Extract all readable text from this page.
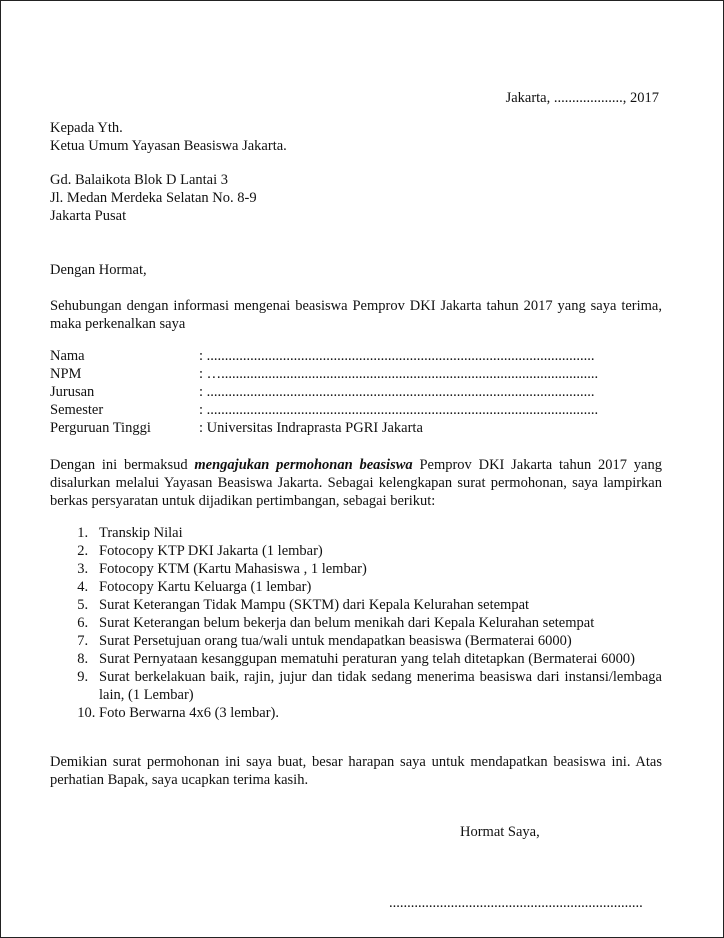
Jakarta, ..................., 2017
Kepada Yth.
Ketua Umum Yayasan Beasiswa Jakarta.
Gd. Balaikota Blok D Lantai 3
Jl. Medan Merdeka Selatan No. 8-9
Jakarta Pusat
Dengan Hormat,
Sehubungan dengan informasi mengenai beasiswa Pemprov DKI Jakarta tahun 2017 yang saya terima, maka perkenalkan saya
Nama	: ...........................................................................................................
NPM	: …........................................................................................................
Jurusan	: ...........................................................................................................
Semester	: ............................................................................................................
Perguruan Tinggi	: Universitas Indraprasta PGRI Jakarta
Dengan ini bermaksud mengajukan permohonan beasiswa Pemprov DKI Jakarta tahun 2017 yang disalurkan melalui Yayasan Beasiswa Jakarta. Sebagai kelengkapan surat permohonan, saya lampirkan berkas persyaratan untuk dijadikan pertimbangan, sebagai berikut:
1. Transkip Nilai
2. Fotocopy KTP DKI Jakarta (1 lembar)
3. Fotocopy KTM (Kartu Mahasiswa , 1 lembar)
4. Fotocopy Kartu Keluarga (1 lembar)
5. Surat Keterangan Tidak Mampu (SKTM) dari Kepala Kelurahan setempat
6. Surat Keterangan belum bekerja dan belum menikah dari Kepala Kelurahan setempat
7. Surat Persetujuan orang tua/wali untuk mendapatkan beasiswa (Bermaterai 6000)
8. Surat Pernyataan kesanggupan mematuhi peraturan yang telah ditetapkan (Bermaterai 6000)
9. Surat berkelakuan baik, rajin, jujur dan tidak sedang menerima beasiswa dari instansi/lembaga lain, (1 Lembar)
10. Foto Berwarna 4x6 (3 lembar).
Demikian surat permohonan ini saya buat, besar harapan saya untuk mendapatkan beasiswa ini. Atas perhatian Bapak, saya ucapkan terima kasih.
Hormat Saya,
......................................................................
